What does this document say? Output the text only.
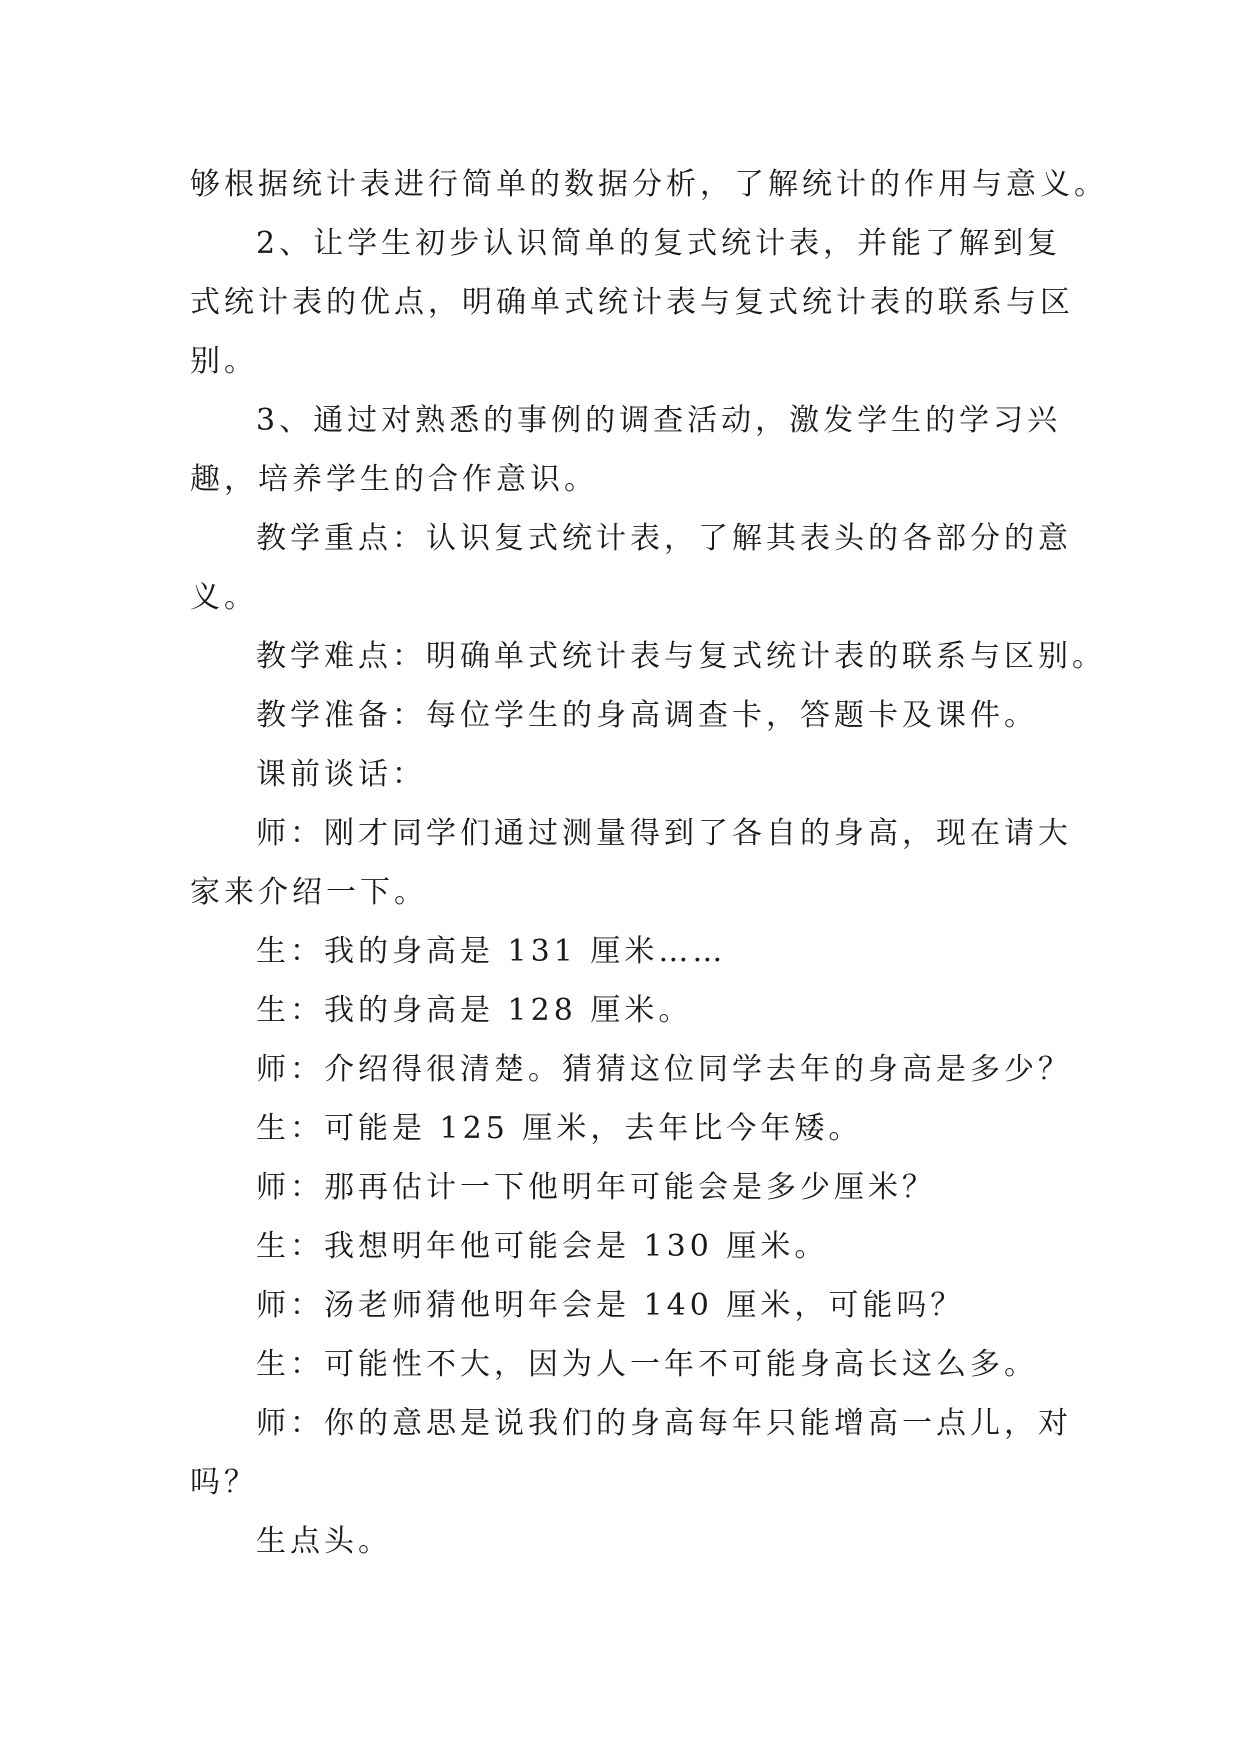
够根据统计表进行简单的数据分析，了解统计的作用与意义。

2、让学生初步认识简单的复式统计表，并能了解到复

式统计表的优点，明确单式统计表与复式统计表的联系与区

别。

3、通过对熟悉的事例的调查活动，激发学生的学习兴

趣，培养学生的合作意识。

教学重点：认识复式统计表，了解其表头的各部分的意

义。

教学难点：明确单式统计表与复式统计表的联系与区别。

教学准备：每位学生的身高调查卡，答题卡及课件。

课前谈话：

师：刚才同学们通过测量得到了各自的身高，现在请大

家来介绍一下。

生：我的身高是 131 厘米……

生：我的身高是 128 厘米。

师：介绍得很清楚。猜猜这位同学去年的身高是多少？

生：可能是 125 厘米，去年比今年矮。

师：那再估计一下他明年可能会是多少厘米？

生：我想明年他可能会是 130 厘米。

师：汤老师猜他明年会是 140 厘米，可能吗？

生：可能性不大，因为人一年不可能身高长这么多。

师：你的意思是说我们的身高每年只能增高一点儿，对

吗？

生点头。
